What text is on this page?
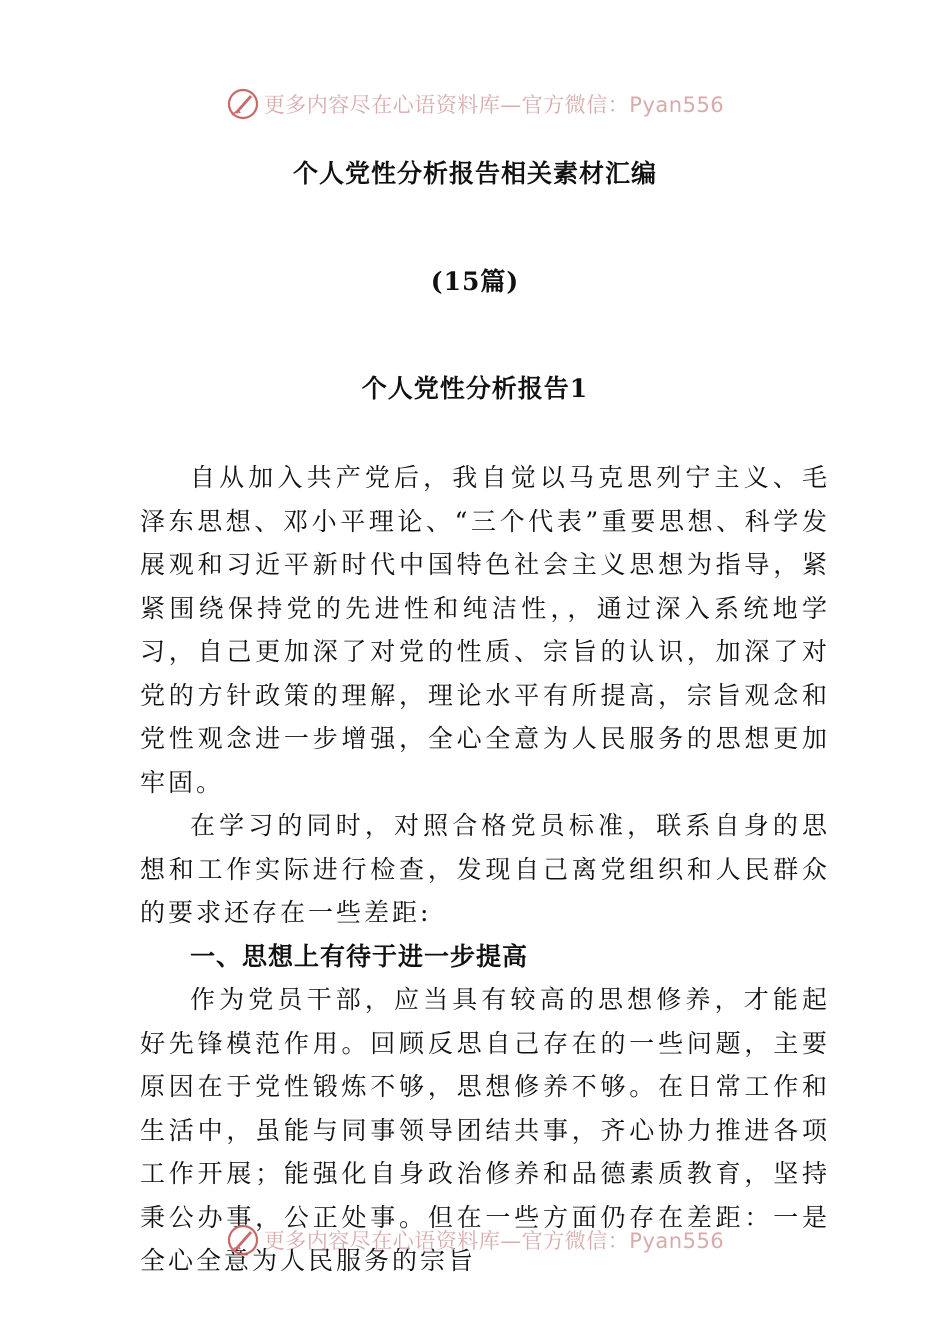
更多内容尽在心语资料库—官方微信：Pyan556
个人党性分析报告相关素材汇编
(15篇)
个人党性分析报告1

自从加入共产党后，我自觉以马克思列宁主义、毛泽东思想、邓小平理论、“三个代表”重要思想、科学发展观和习近平新时代中国特色社会主义思想为指导，紧紧围绕保持党的先进性和纯洁性，，通过深入系统地学习，自己更加深了对党的性质、宗旨的认识，加深了对党的方针政策的理解，理论水平有所提高，宗旨观念和党性观念进一步增强，全心全意为人民服务的思想更加牢固。

在学习的同时，对照合格党员标准，联系自身的思想和工作实际进行检查，发现自己离党组织和人民群众的要求还存在一些差距:

一、思想上有待于进一步提高

作为党员干部，应当具有较高的思想修养，才能起好先锋模范作用。回顾反思自己存在的一些问题，主要原因在于党性锻炼不够，思想修养不够。在日常工作和生活中，虽能与同事领导团结共事，齐心协力推进各项工作开展；能强化自身政治修养和品德素质教育，坚持秉公办事，公正处事。但在一些方面仍存在差距：一是全心全意为人民服务的宗旨

更多内容尽在心语资料库—官方微信：Pyan556
